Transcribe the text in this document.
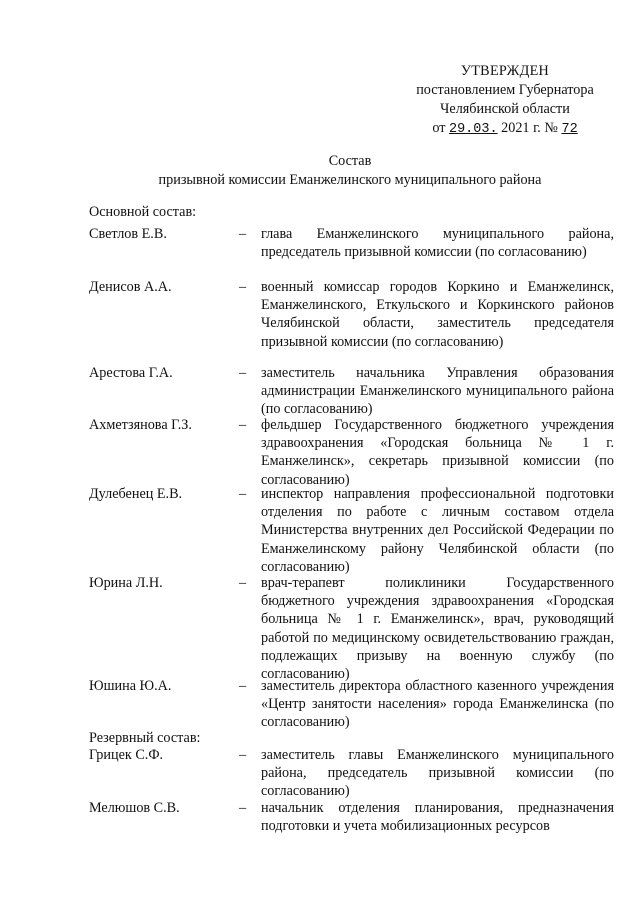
УТВЕРЖДЕН
постановлением Губернатора
Челябинской области
от 29.03. 2021 г. № 72
Состав
призывной комиссии Еманжелинского муниципального района
Основной состав:
Светлов Е.В.	– глава Еманжелинского муниципального района, председатель призывной комиссии (по согласованию)
Денисов А.А.	– военный комиссар городов Коркино и Еманжелинск, Еманжелинского, Еткульского и Коркинского районов Челябинской области, заместитель председателя призывной комиссии (по согласованию)
Арестова Г.А.	– заместитель начальника Управления образования администрации Еманжелинского муниципального района (по согласованию)
Ахметзянова Г.З.	– фельдшер Государственного бюджетного учреждения здравоохранения «Городская больница № 1 г. Еманжелинск», секретарь призывной комиссии (по согласованию)
Дулебенец Е.В.	– инспектор направления профессиональной подготовки отделения по работе с личным составом отдела Министерства внутренних дел Российской Федерации по Еманжелинскому району Челябинской области (по согласованию)
Юрина Л.Н.	– врач-терапевт поликлиники Государственного бюджетного учреждения здравоохранения «Городская больница № 1 г. Еманжелинск», врач, руководящий работой по медицинскому освидетельствованию граждан, подлежащих призыву на военную службу (по согласованию)
Юшина Ю.А.	– заместитель директора областного казенного учреждения «Центр занятости населения» города Еманжелинска (по согласованию)
Резервный состав:
Грицек С.Ф.	– заместитель главы Еманжелинского муниципального района, председатель призывной комиссии (по согласованию)
Мелюшов С.В.	– начальник отделения планирования, предназначения подготовки и учета мобилизационных ресурсов
